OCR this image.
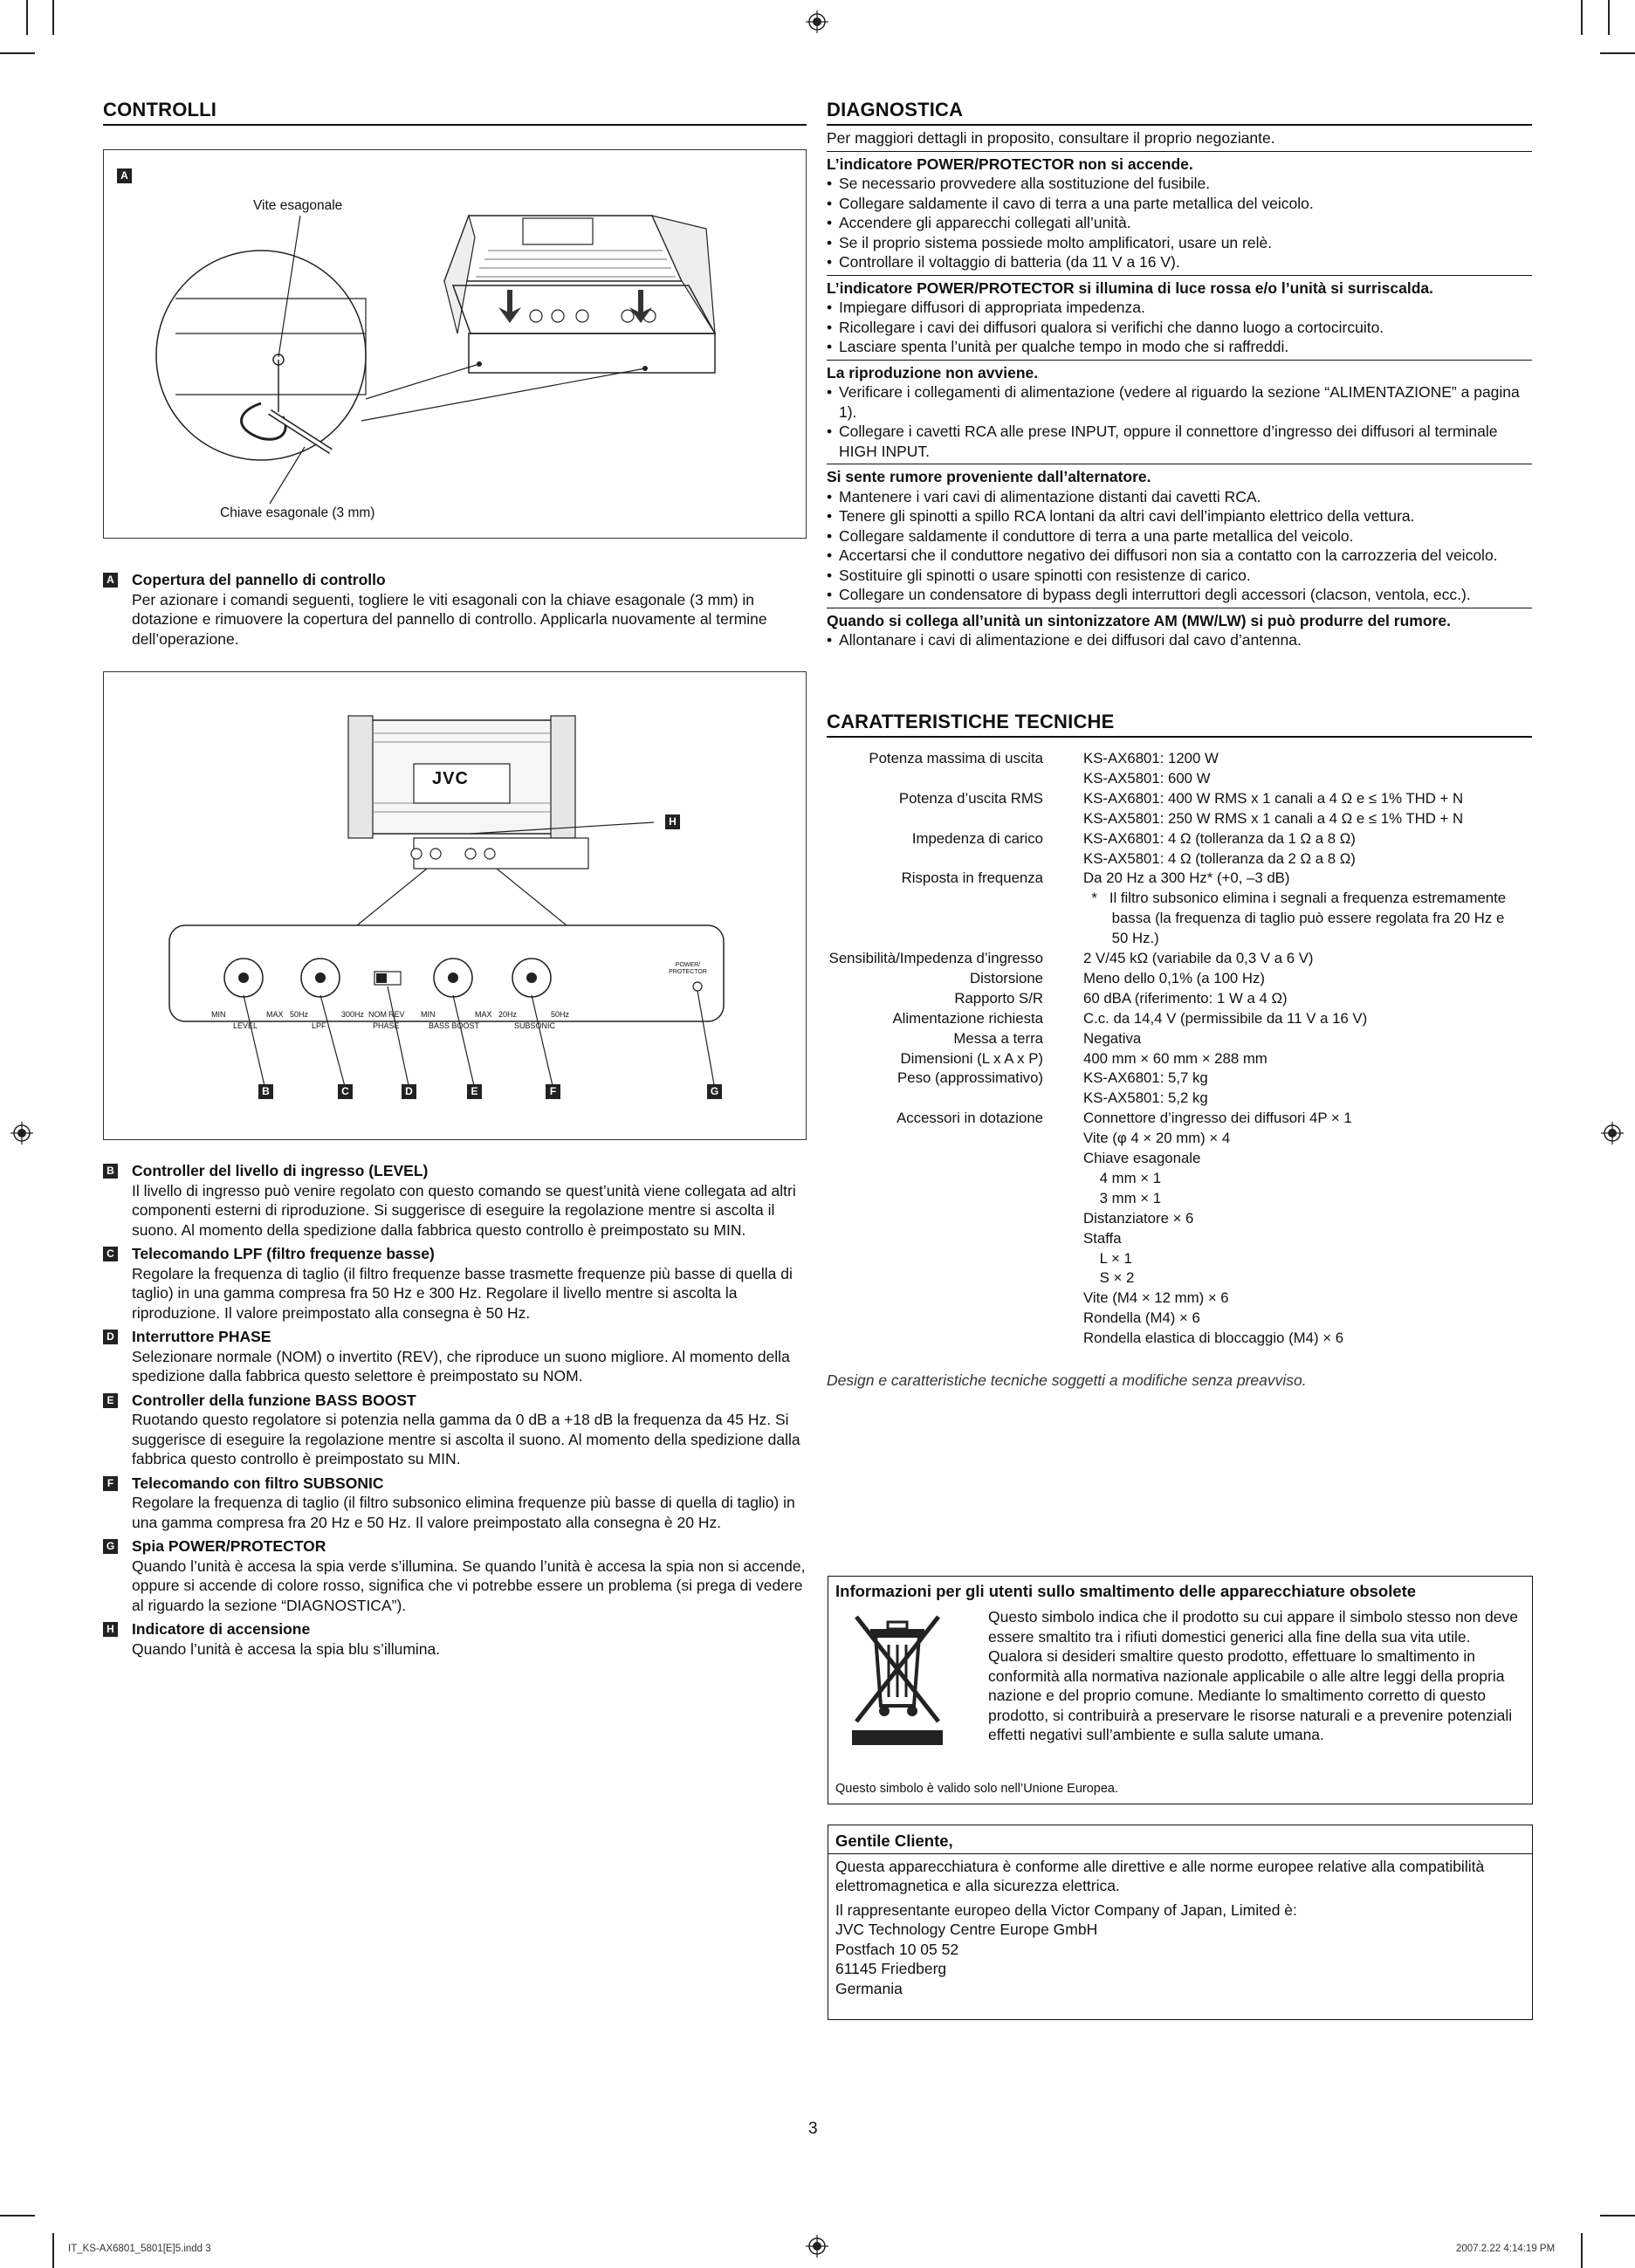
CONTROLLI
A
Vite esagonale
Chiave esagonale (3 mm)
A Copertura del pannello di controllo
Per azionare i comandi seguenti, togliere le viti esagonali con la chiave esagonale (3 mm) in dotazione e rimuovere la copertura del pannello di controllo. Applicarla nuovamente al termine dell’operazione.
JVC
H
MIN	MAX
LEVEL
50Hz	300Hz
LPF
NOM REV
PHASE
MIN	MAX
BASS BOOST
20Hz	50Hz
SUBSONIC
POWER/ PROTECTOR
B	C	D	E	F	G
B Controller del livello di ingresso (LEVEL)
Il livello di ingresso può venire regolato con questo comando se quest’unità viene collegata ad altri componenti esterni di riproduzione. Si suggerisce di eseguire la regolazione mentre si ascolta il suono. Al momento della spedizione dalla fabbrica questo controllo è preimpostato su MIN.
C Telecomando LPF (filtro frequenze basse)
Regolare la frequenza di taglio (il filtro frequenze basse trasmette frequenze più basse di quella di taglio) in una gamma compresa fra 50 Hz e 300 Hz. Regolare il livello mentre si ascolta la riproduzione. Il valore preimpostato alla consegna è 50 Hz.
D Interruttore PHASE
Selezionare normale (NOM) o invertito (REV), che riproduce un suono migliore. Al momento della spedizione dalla fabbrica questo selettore è preimpostato su NOM.
E Controller della funzione BASS BOOST
Ruotando questo regolatore si potenzia nella gamma da 0 dB a +18 dB la frequenza da 45 Hz. Si suggerisce di eseguire la regolazione mentre si ascolta il suono. Al momento della spedizione dalla fabbrica questo controllo è preimpostato su MIN.
F Telecomando con filtro SUBSONIC
Regolare la frequenza di taglio (il filtro subsonico elimina frequenze più basse di quella di taglio) in una gamma compresa fra 20 Hz e 50 Hz. Il valore preimpostato alla consegna è 20 Hz.
G Spia POWER/PROTECTOR
Quando l’unità è accesa la spia verde s’illumina. Se quando l’unità è accesa la spia non si accende, oppure si accende di colore rosso, significa che vi potrebbe essere un problema (si prega di vedere al riguardo la sezione “DIAGNOSTICA”).
H Indicatore di accensione
Quando l’unità è accesa la spia blu s’illumina.
DIAGNOSTICA
Per maggiori dettagli in proposito, consultare il proprio negoziante.
L’indicatore POWER/PROTECTOR non si accende.
• Se necessario provvedere alla sostituzione del fusibile.
• Collegare saldamente il cavo di terra a una parte metallica del veicolo.
• Accendere gli apparecchi collegati all’unità.
• Se il proprio sistema possiede molto amplificatori, usare un relè.
• Controllare il voltaggio di batteria (da 11 V a 16 V).
L’indicatore POWER/PROTECTOR si illumina di luce rossa e/o l’unità si surriscalda.
• Impiegare diffusori di appropriata impedenza.
• Ricollegare i cavi dei diffusori qualora si verifichi che danno luogo a cortocircuito.
• Lasciare spenta l’unità per qualche tempo in modo che si raffreddi.
La riproduzione non avviene.
• Verificare i collegamenti di alimentazione (vedere al riguardo la sezione “ALIMENTAZIONE” a pagina 1).
• Collegare i cavetti RCA alle prese INPUT, oppure il connettore d’ingresso dei diffusori al terminale HIGH INPUT.
Si sente rumore proveniente dall’alternatore.
• Mantenere i vari cavi di alimentazione distanti dai cavetti RCA.
• Tenere gli spinotti a spillo RCA lontani da altri cavi dell’impianto elettrico della vettura.
• Collegare saldamente il conduttore di terra a una parte metallica del veicolo.
• Accertarsi che il conduttore negativo dei diffusori non sia a contatto con la carrozzeria del veicolo.
• Sostituire gli spinotti o usare spinotti con resistenze di carico.
• Collegare un condensatore di bypass degli interruttori degli accessori (clacson, ventola, ecc.).
Quando si collega all’unità un sintonizzatore AM (MW/LW) si può produrre del rumore.
• Allontanare i cavi di alimentazione e dei diffusori dal cavo d’antenna.
CARATTERISTICHE TECNICHE
Potenza massima di uscita	KS-AX6801: 1200 W
KS-AX5801: 600 W
Potenza d’uscita RMS	KS-AX6801: 400 W RMS x 1 canali a 4 Ω e ≤ 1% THD + N
KS-AX5801: 250 W RMS x 1 canali a 4 Ω e ≤ 1% THD + N
Impedenza di carico	KS-AX6801: 4 Ω (tolleranza da 1 Ω a 8 Ω)
KS-AX5801: 4 Ω (tolleranza da 2 Ω a 8 Ω)
Risposta in frequenza	Da 20 Hz a 300 Hz* (+0, –3 dB)
*   Il filtro subsonico elimina i segnali a frequenza estremamente
bassa (la frequenza di taglio può essere regolata fra 20 Hz e
50 Hz.)
Sensibilità/Impedenza d’ingresso	2 V/45 kΩ (variabile da 0,3 V a 6 V)
Distorsione	Meno dello 0,1% (a 100 Hz)
Rapporto S/R	60 dBA (riferimento: 1 W a 4 Ω)
Alimentazione richiesta	C.c. da 14,4 V (permissibile da 11 V a 16 V)
Messa a terra	Negativa
Dimensioni (L x A x P)	400 mm × 60 mm × 288 mm
Peso (approssimativo)	KS-AX6801: 5,7 kg
KS-AX5801: 5,2 kg
Accessori in dotazione	Connettore d’ingresso dei diffusori 4P × 1
Vite (φ 4 × 20 mm) × 4
Chiave esagonale
4 mm × 1
3 mm × 1
Distanziatore × 6
Staffa
L × 1
S × 2
Vite (M4 × 12 mm) × 6
Rondella (M4) × 6
Rondella elastica di bloccaggio (M4) × 6
Design e caratteristiche tecniche soggetti a modifiche senza preavviso.
Informazioni per gli utenti sullo smaltimento delle apparecchiature obsolete
Questo simbolo indica che il prodotto su cui appare il simbolo stesso non deve essere smaltito tra i rifiuti domestici generici alla fine della sua vita utile. Qualora si desideri smaltire questo prodotto, effettuare lo smaltimento in conformità alla normativa nazionale applicabile o alle altre leggi della propria nazione e del proprio comune. Mediante lo smaltimento corretto di questo prodotto, si contribuirà a preservare le risorse naturali e a prevenire potenziali effetti negativi sull’ambiente e sulla salute umana.
Questo simbolo è valido solo nell’Unione Europea.
Gentile Cliente,
Questa apparecchiatura è conforme alle direttive e alle norme europee relative alla compatibilità elettromagnetica e alla sicurezza elettrica.
Il rappresentante europeo della Victor Company of Japan, Limited è:
JVC Technology Centre Europe GmbH
Postfach 10 05 52
61145 Friedberg
Germania
3
IT_KS-AX6801_5801[E]5.indd 3	2007.2.22 4:14:19 PM
